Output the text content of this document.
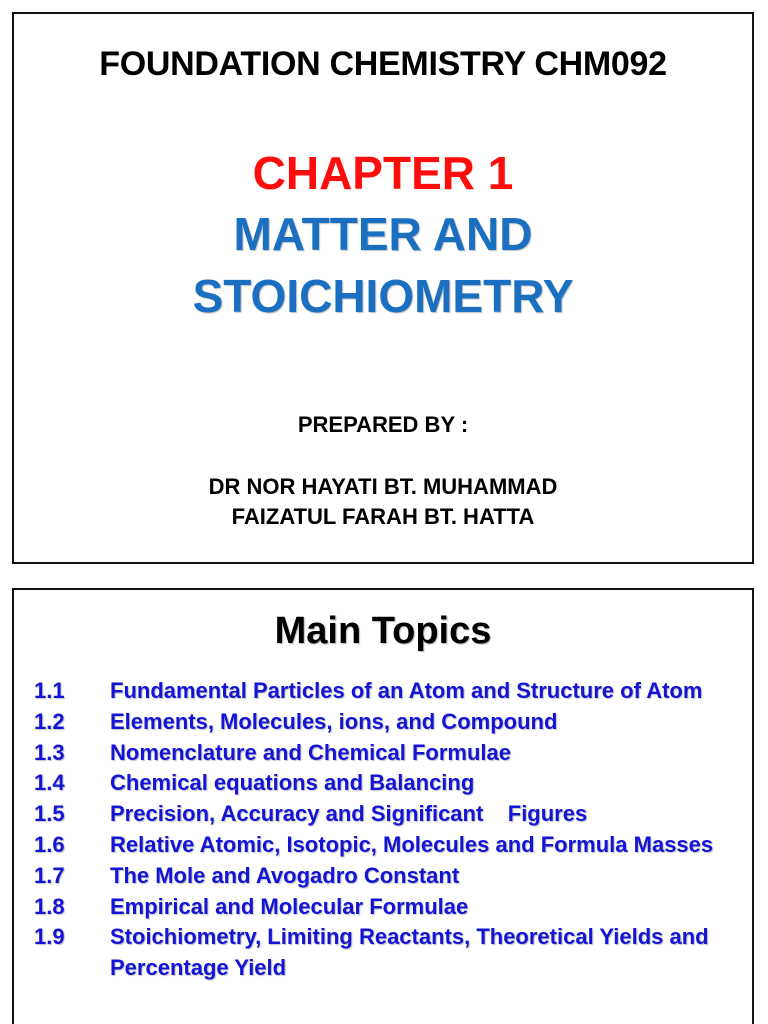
FOUNDATION CHEMISTRY CHM092
CHAPTER 1
MATTER AND
STOICHIOMETRY
PREPARED BY :
DR NOR HAYATI BT. MUHAMMAD
FAIZATUL FARAH BT. HATTA
Main Topics
1.1	Fundamental Particles of an Atom and Structure of Atom
1.2	Elements, Molecules, ions, and Compound
1.3	Nomenclature and Chemical Formulae
1.4	Chemical equations and Balancing
1.5	Precision, Accuracy and Significant    Figures
1.6	Relative Atomic, Isotopic, Molecules and Formula Masses
1.7	The Mole and Avogadro Constant
1.8	Empirical and Molecular Formulae
1.9	Stoichiometry, Limiting Reactants, Theoretical Yields and Percentage Yield
